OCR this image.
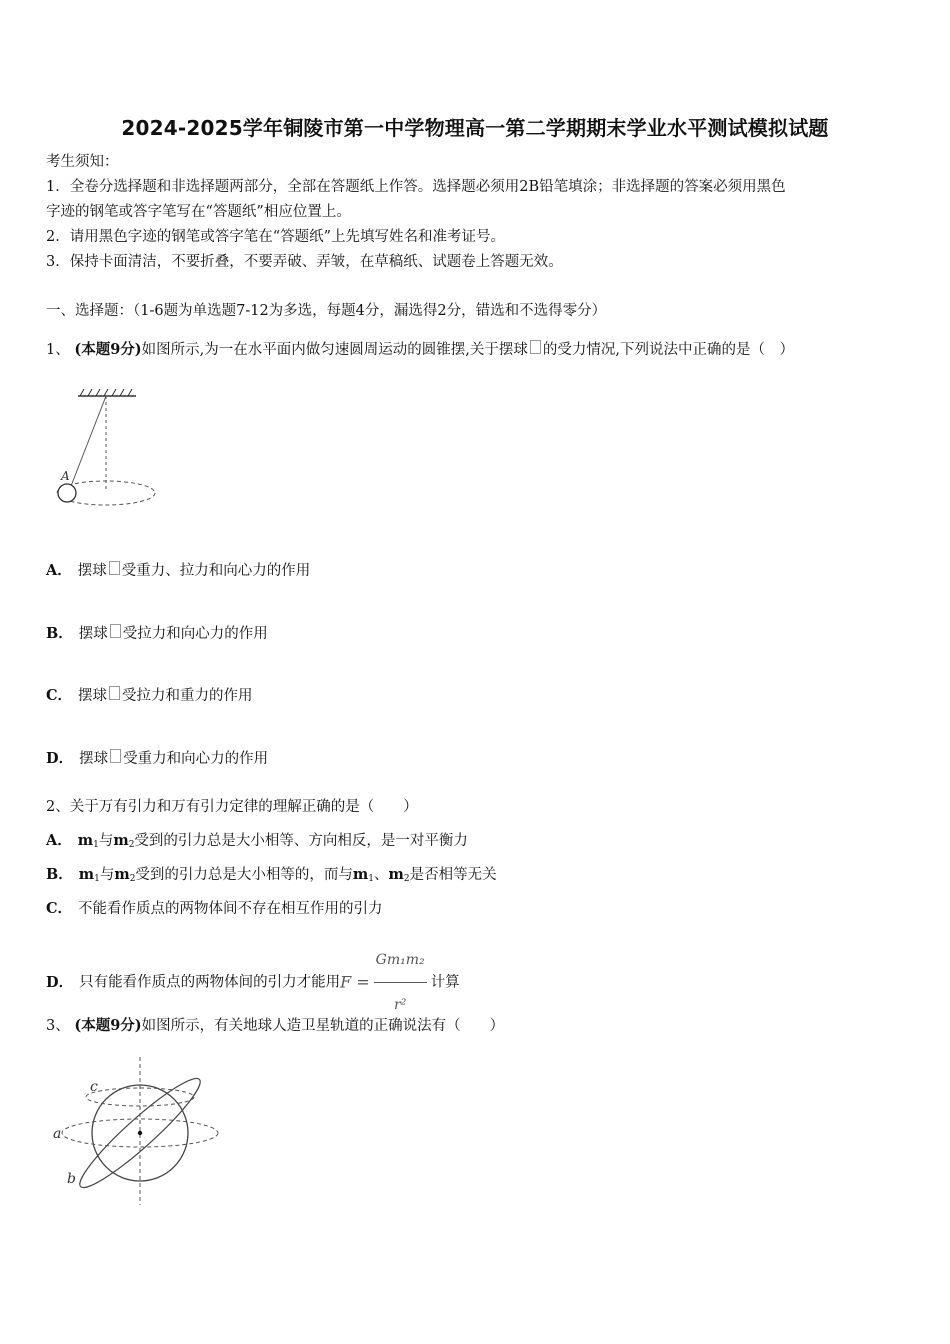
2024-2025学年铜陵市第一中学物理高一第二学期期末学业水平测试模拟试题
考生须知：
1．全卷分选择题和非选择题两部分，全部在答题纸上作答。选择题必须用2B铅笔填涂；非选择题的答案必须用黑色
字迹的钢笔或答字笔写在“答题纸”相应位置上。
2．请用黑色字迹的钢笔或答字笔在“答题纸”上先填写姓名和准考证号。
3．保持卡面清洁，不要折叠，不要弄破、弄皱，在草稿纸、试题卷上答题无效。
一、选择题：（1-6题为单选题7-12为多选，每题4分，漏选得2分，错选和不选得零分）
1、 (本题9分)如图所示,为一在水平面内做匀速圆周运动的圆锥摆,关于摆球 的受力情况,下列说法中正确的是（　）
A
A． 摆球 受重力、拉力和向心力的作用
B． 摆球 受拉力和向心力的作用
C． 摆球 受拉力和重力的作用
D． 摆球 受重力和向心力的作用
2、关于万有引力和万有引力定律的理解正确的是（　　）
A． $m_1$与$m_2$受到的引力总是大小相等、方向相反，是一对平衡力
B． $m_1$与$m_2$受到的引力总是大小相等的，而与$m_1$、$m_2$是否相等无关
C． 不能看作质点的两物体间不存在相互作用的引力
D． 只有能看作质点的两物体间的引力才能用$F = \frac{\text{Gm₁m₂}}{\text{r²}}$ 计算
3、 (本题9分)如图所示，有关地球人造卫星轨道的正确说法有（　　）
c
a
b
